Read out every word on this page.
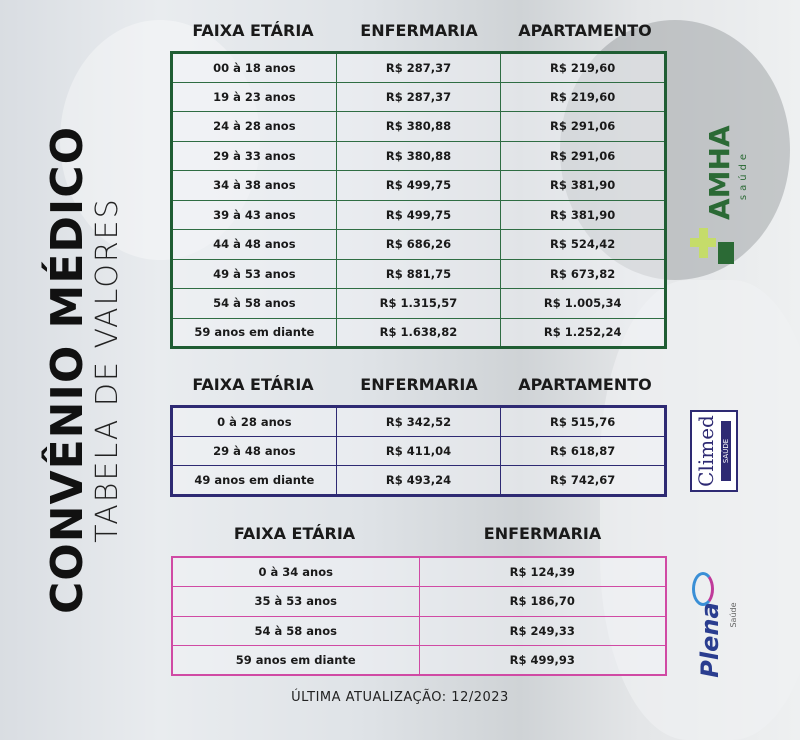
CONVÊNIO MÉDICO
TABELA DE VALORES
FAIXA ETÁRIA	ENFERMARIA	APARTAMENTO
00 à 18 anos	R$ 287,37	R$ 219,60
19 à 23 anos	R$ 287,37	R$ 219,60
24 à 28 anos	R$ 380,88	R$ 291,06
29 à 33 anos	R$ 380,88	R$ 291,06
34 à 38 anos	R$ 499,75	R$ 381,90
39 à 43 anos	R$ 499,75	R$ 381,90
44 à 48 anos	R$ 686,26	R$ 524,42
49 à 53 anos	R$ 881,75	R$ 673,82
54 à 58 anos	R$ 1.315,57	R$ 1.005,34
59 anos em diante	R$ 1.638,82	R$ 1.252,24
FAIXA ETÁRIA	ENFERMARIA	APARTAMENTO
0 à 28 anos	R$ 342,52	R$ 515,76
29 à 48 anos	R$ 411,04	R$ 618,87
49 anos em diante	R$ 493,24	R$ 742,67
FAIXA ETÁRIA	ENFERMARIA
0 à 34 anos	R$ 124,39
35 à 53 anos	R$ 186,70
54 à 58 anos	R$ 249,33
59 anos em diante	R$ 499,93
AMHA saúde
Climed SAÚDE
Plena Saúde
ÚLTIMA ATUALIZAÇÃO: 12/2023
